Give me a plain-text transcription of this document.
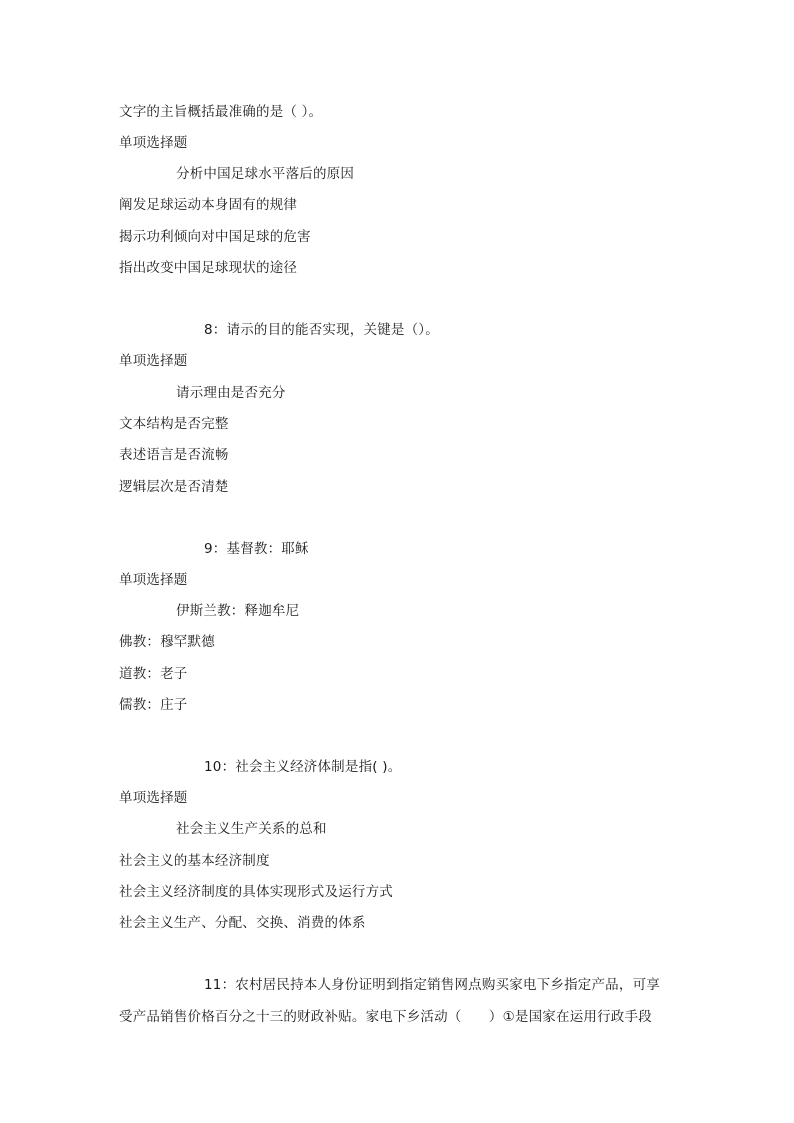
文字的主旨概括最准确的是（ ）。
单项选择题
分析中国足球水平落后的原因
阐发足球运动本身固有的规律
揭示功利倾向对中国足球的危害
指出改变中国足球现状的途径
8：请示的目的能否实现，关键是（）。
单项选择题
请示理由是否充分
文本结构是否完整
表述语言是否流畅
逻辑层次是否清楚
9：基督教：耶稣
单项选择题
伊斯兰教：释迦牟尼
佛教：穆罕默德
道教：老子
儒教：庄子
10：社会主义经济体制是指( )。
单项选择题
社会主义生产关系的总和
社会主义的基本经济制度
社会主义经济制度的具体实现形式及运行方式
社会主义生产、分配、交换、消费的体系
11：农村居民持本人身份证明到指定销售网点购买家电下乡指定产品，可享
受产品销售价格百分之十三的财政补贴。家电下乡活动（　　）①是国家在运用行政手段
